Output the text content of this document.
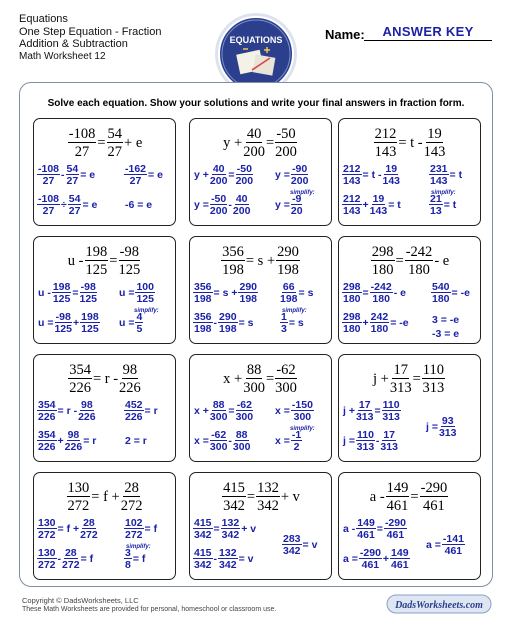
Equations
One Step Equation - Fraction
Addition & Subtraction
Math Worksheet 12
EQUATIONS	Name:	ANSWER KEY
Solve each equation. Show your solutions and write your final answers in fraction form.
$\frac{-108}{27} = \frac{54}{27} + e$
$\frac{-108}{27} - \frac{54}{27} = e$
$\frac{-108}{27} \div \frac{54}{27} = e$
$\frac{-162}{27} = e$
-6 = e
$y + \frac{40}{200} = \frac{-50}{200}$
$y + \frac{40}{200} = \frac{-50}{200}$
$y = \frac{-50}{200} - \frac{40}{200}$
$y = \frac{-90}{200}$
$y = \frac{-9}{20}$
simplify:
$\frac{212}{143} = t - \frac{19}{143}$
$\frac{212}{143} = t - \frac{19}{143}$
$\frac{212}{143} + \frac{19}{143} = t$
$\frac{231}{143} = t$
$\frac{21}{13} = t$
simplify:
$u - \frac{198}{125} = \frac{-98}{125}$
$u - \frac{198}{125} = \frac{-98}{125}$
$u = \frac{-98}{125} + \frac{198}{125}$
$u = \frac{100}{125}$
$u = \frac{4}{5}$
simplify:
$\frac{356}{198} = s + \frac{290}{198}$
$\frac{356}{198} = s + \frac{290}{198}$
$\frac{356}{198} - \frac{290}{198} = s$
$\frac{66}{198} = s$
$\frac{1}{3} = s$
simplify:
$\frac{298}{180} = \frac{-242}{180} - e$
$\frac{298}{180} = \frac{-242}{180} - e$
$\frac{298}{180} + \frac{242}{180} = -e$
$\frac{540}{180} = -e$
3 = -e
-3 = e
$\frac{354}{226} = r - \frac{98}{226}$
$\frac{354}{226} = r - \frac{98}{226}$
$\frac{354}{226} + \frac{98}{226} = r$
$\frac{452}{226} = r$
2 = r
$x + \frac{88}{300} = \frac{-62}{300}$
$x + \frac{88}{300} = \frac{-62}{300}$
$x = \frac{-62}{300} - \frac{88}{300}$
$x = \frac{-150}{300}$
$x = \frac{-1}{2}$
simplify:
$j + \frac{17}{313} = \frac{110}{313}$
$j + \frac{17}{313} = \frac{110}{313}$
$j = \frac{110}{313} - \frac{17}{313}$
$j = \frac{93}{313}$
$\frac{130}{272} = f + \frac{28}{272}$
$\frac{130}{272} = f + \frac{28}{272}$
$\frac{130}{272} - \frac{28}{272} = f$
$\frac{102}{272} = f$
$\frac{3}{8} = f$
simplify:
$\frac{415}{342} = \frac{132}{342} + v$
$\frac{415}{342} = \frac{132}{342} + v$
$\frac{415}{342} - \frac{132}{342} = v$
$\frac{283}{342} = v$
$a - \frac{149}{461} = \frac{-290}{461}$
$a - \frac{149}{461} = \frac{-290}{461}$
$a = \frac{-290}{461} + \frac{149}{461}$
$a = \frac{-141}{461}$
Copyright © DadsWorksheets, LLC
These Math Worksheets are provided for personal, homeschool or classroom use.	DadsWorksheets.com
